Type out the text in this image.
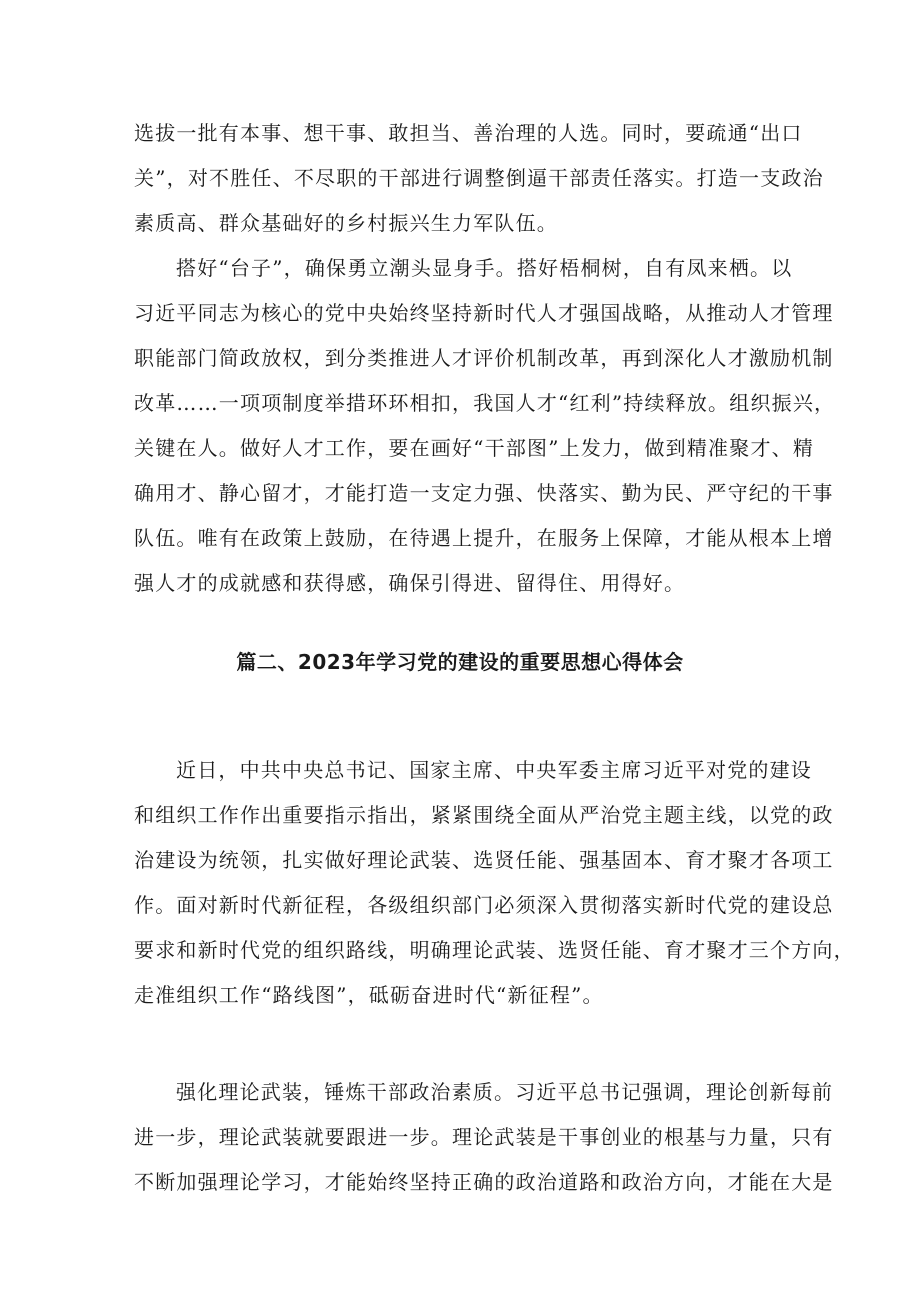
选拔一批有本事、想干事、敢担当、善治理的人选。同时，要疏通“出口
关”，对不胜任、不尽职的干部进行调整倒逼干部责任落实。打造一支政治
素质高、群众基础好的乡村振兴生力军队伍。
搭好“台子”，确保勇立潮头显身手。搭好梧桐树，自有凤来栖。以
习近平同志为核心的党中央始终坚持新时代人才强国战略，从推动人才管理
职能部门简政放权，到分类推进人才评价机制改革，再到深化人才激励机制
改革……一项项制度举措环环相扣，我国人才“红利”持续释放。组织振兴，
关键在人。做好人才工作，要在画好“干部图”上发力，做到精准聚才、精
确用才、静心留才，才能打造一支定力强、快落实、勤为民、严守纪的干事
队伍。唯有在政策上鼓励，在待遇上提升，在服务上保障，才能从根本上增
强人才的成就感和获得感，确保引得进、留得住、用得好。
篇二、2023年学习党的建设的重要思想心得体会
近日，中共中央总书记、国家主席、中央军委主席习近平对党的建设
和组织工作作出重要指示指出，紧紧围绕全面从严治党主题主线，以党的政
治建设为统领，扎实做好理论武装、选贤任能、强基固本、育才聚才各项工
作。面对新时代新征程，各级组织部门必须深入贯彻落实新时代党的建设总
要求和新时代党的组织路线，明确理论武装、选贤任能、育才聚才三个方向，
走准组织工作“路线图”，砥砺奋进时代“新征程”。
强化理论武装，锤炼干部政治素质。习近平总书记强调，理论创新每前
进一步，理论武装就要跟进一步。理论武装是干事创业的根基与力量，只有
不断加强理论学习，才能始终坚持正确的政治道路和政治方向，才能在大是
